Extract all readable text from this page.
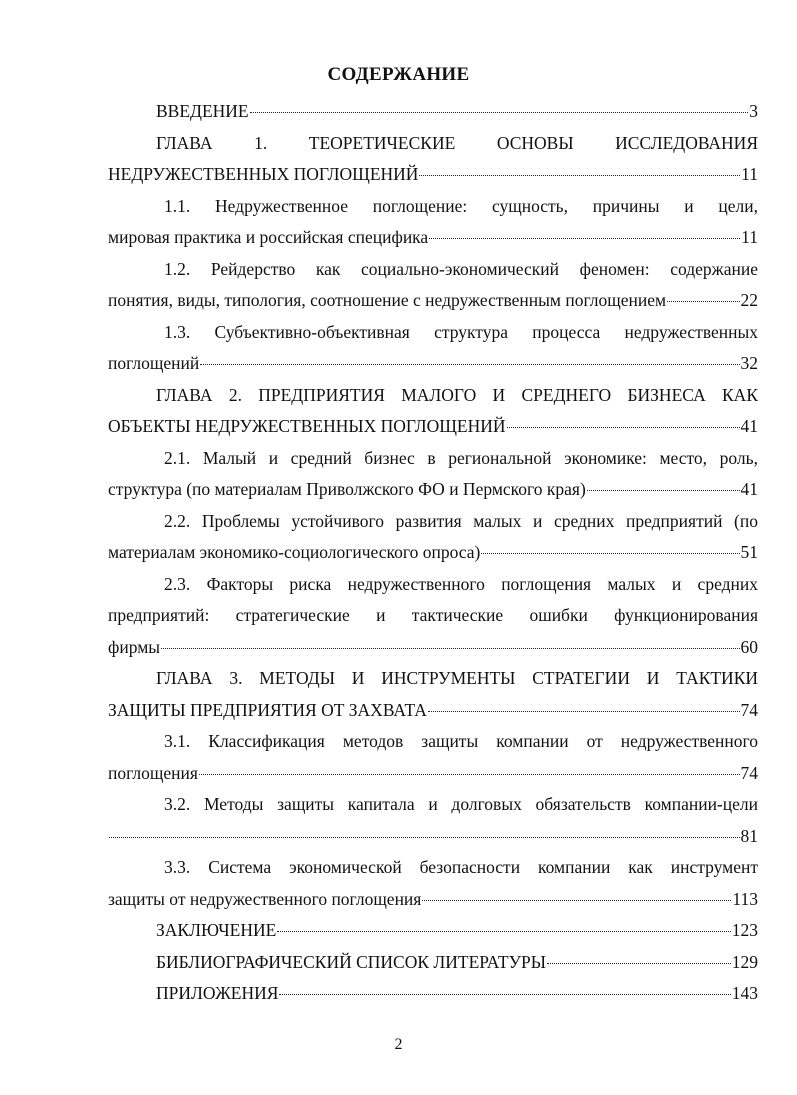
СОДЕРЖАНИЕ
ВВЕДЕНИЕ	3
ГЛАВА 1. ТЕОРЕТИЧЕСКИЕ ОСНОВЫ ИССЛЕДОВАНИЯ
НЕДРУЖЕСТВЕННЫХ ПОГЛОЩЕНИЙ	11
1.1. Недружественное поглощение: сущность, причины и цели,
мировая практика и российская специфика	11
1.2. Рейдерство как социально-экономический феномен: содержание
понятия, виды, типология, соотношение с недружественным поглощением	22
1.3. Субъективно-объективная структура процесса недружественных
поглощений	32
ГЛАВА 2. ПРЕДПРИЯТИЯ МАЛОГО И СРЕДНЕГО БИЗНЕСА КАК
ОБЪЕКТЫ НЕДРУЖЕСТВЕННЫХ ПОГЛОЩЕНИЙ	41
2.1. Малый и средний бизнес в региональной экономике: место, роль,
структура (по материалам Приволжского ФО и Пермского края)	41
2.2. Проблемы устойчивого развития малых и средних предприятий (по
материалам экономико-социологического опроса)	51
2.3. Факторы риска недружественного поглощения малых и средних
предприятий: стратегические и тактические ошибки функционирования
фирмы	60
ГЛАВА 3. МЕТОДЫ И ИНСТРУМЕНТЫ СТРАТЕГИИ И ТАКТИКИ
ЗАЩИТЫ ПРЕДПРИЯТИЯ ОТ ЗАХВАТА	74
3.1. Классификация методов защиты компании от недружественного
поглощения	74
3.2. Методы защиты капитала и долговых обязательств компании-цели
81
3.3. Система экономической безопасности компании как инструмент
защиты от недружественного поглощения	113
ЗАКЛЮЧЕНИЕ	123
БИБЛИОГРАФИЧЕСКИЙ СПИСОК ЛИТЕРАТУРЫ	129
ПРИЛОЖЕНИЯ	143
2
